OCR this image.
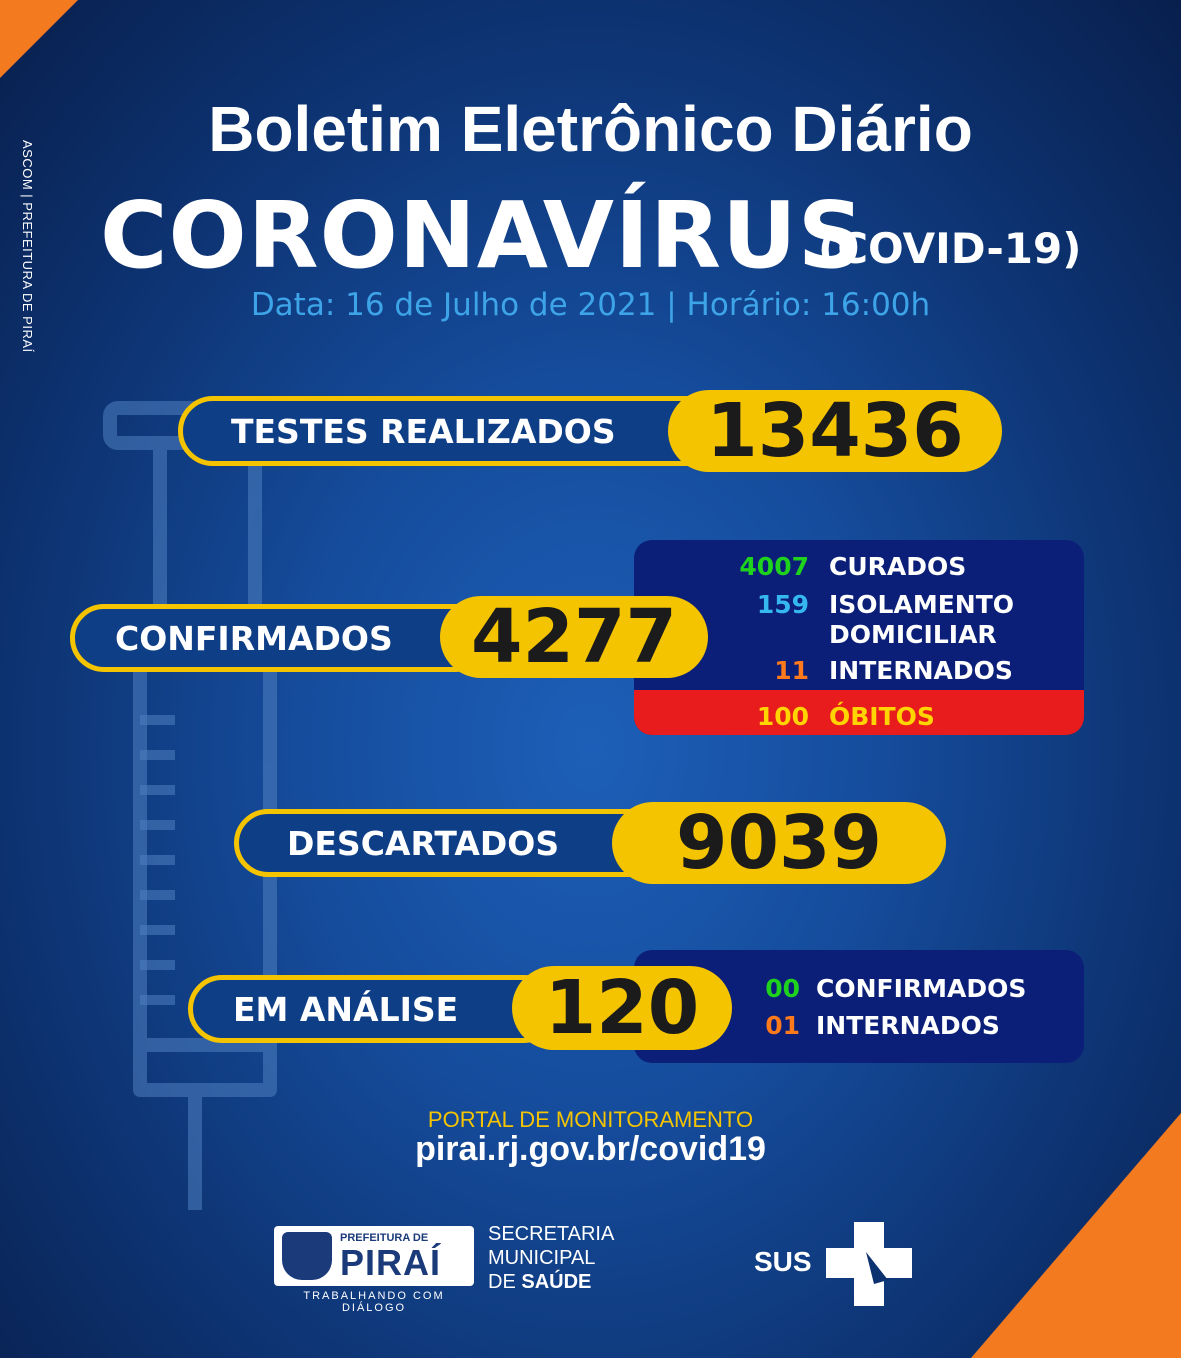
ASCOM | PREFEITURA DE PIRAÍ
Boletim Eletrônico Diário
CORONAVÍRUS
(COVID-19)
Data: 16 de Julho de 2021 | Horário: 16:00h
TESTES REALIZADOS 13436
4007 CURADOS
159 ISOLAMENTO
DOMICILIAR
11 INTERNADOS
100 ÓBITOS
CONFIRMADOS 4277
DESCARTADOS 9039
00 CONFIRMADOS
01 INTERNADOS
EM ANÁLISE 120
PORTAL DE MONITORAMENTO
pirai.rj.gov.br/covid19
PREFEITURA DE
PIRAÍ
TRABALHANDO COM DIÁLOGO
SECRETARIA
MUNICIPAL
DE SAÚDE
SUS
